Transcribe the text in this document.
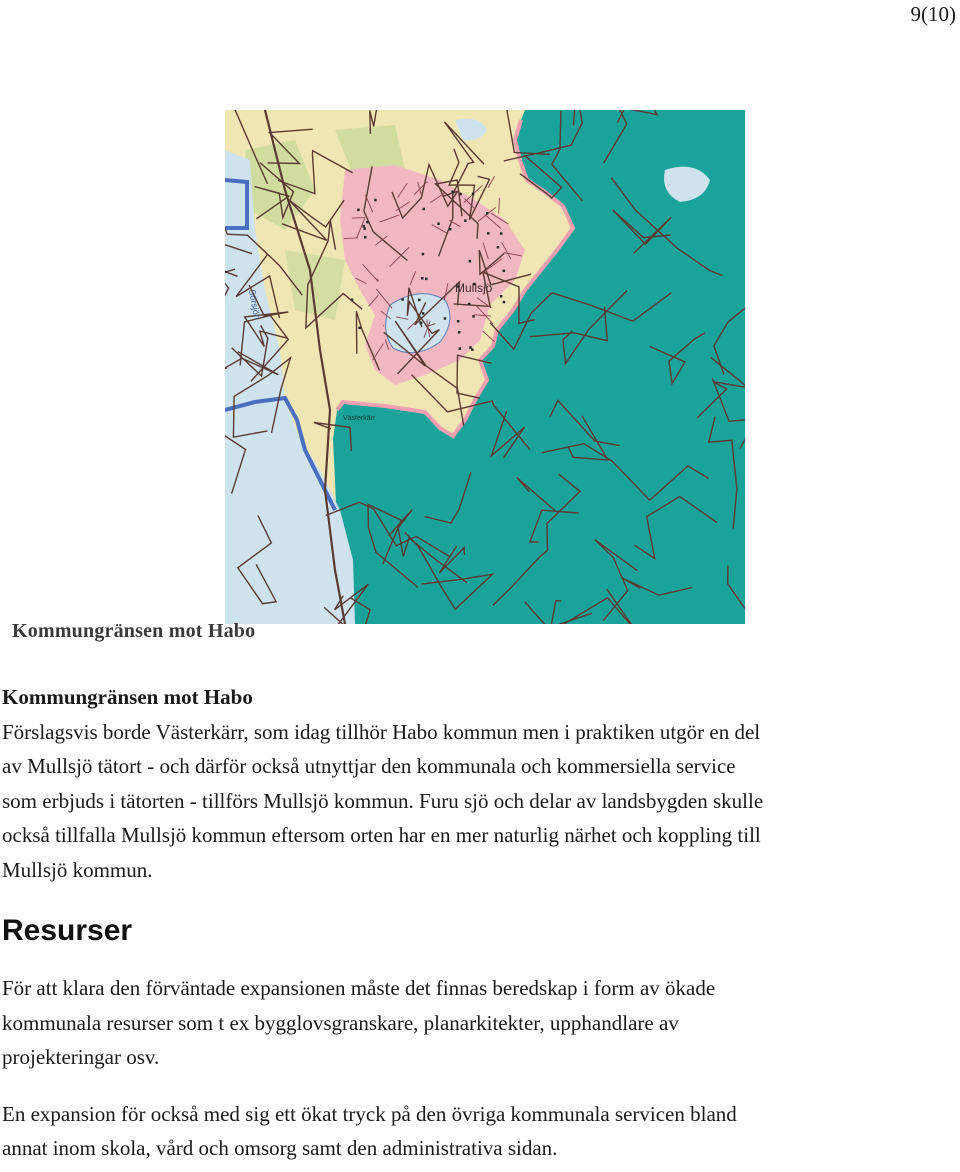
9(10)
Mullsjö
Sörsjön
Västerkärr
Kommungränsen mot Habo
Kommungränsen mot Habo

Förslagsvis borde Västerkärr, som idag tillhör Habo kommun men i praktiken utgör en del
av Mullsjö tätort - och därför också utnyttjar den kommunala och kommersiella service
som erbjuds i tätorten - tillförs Mullsjö kommun. Furu sjö och delar av landsbygden skulle
också tillfalla Mullsjö kommun eftersom orten har en mer naturlig närhet och koppling till
Mullsjö kommun.

Resurser

För att klara den förväntade expansionen måste det finnas beredskap i form av ökade
kommunala resurser som t ex bygglovsgranskare, planarkitekter, upphandlare av
projekteringar osv.

En expansion för också med sig ett ökat tryck på den övriga kommunala servicen bland
annat inom skola, vård och omsorg samt den administrativa sidan.
